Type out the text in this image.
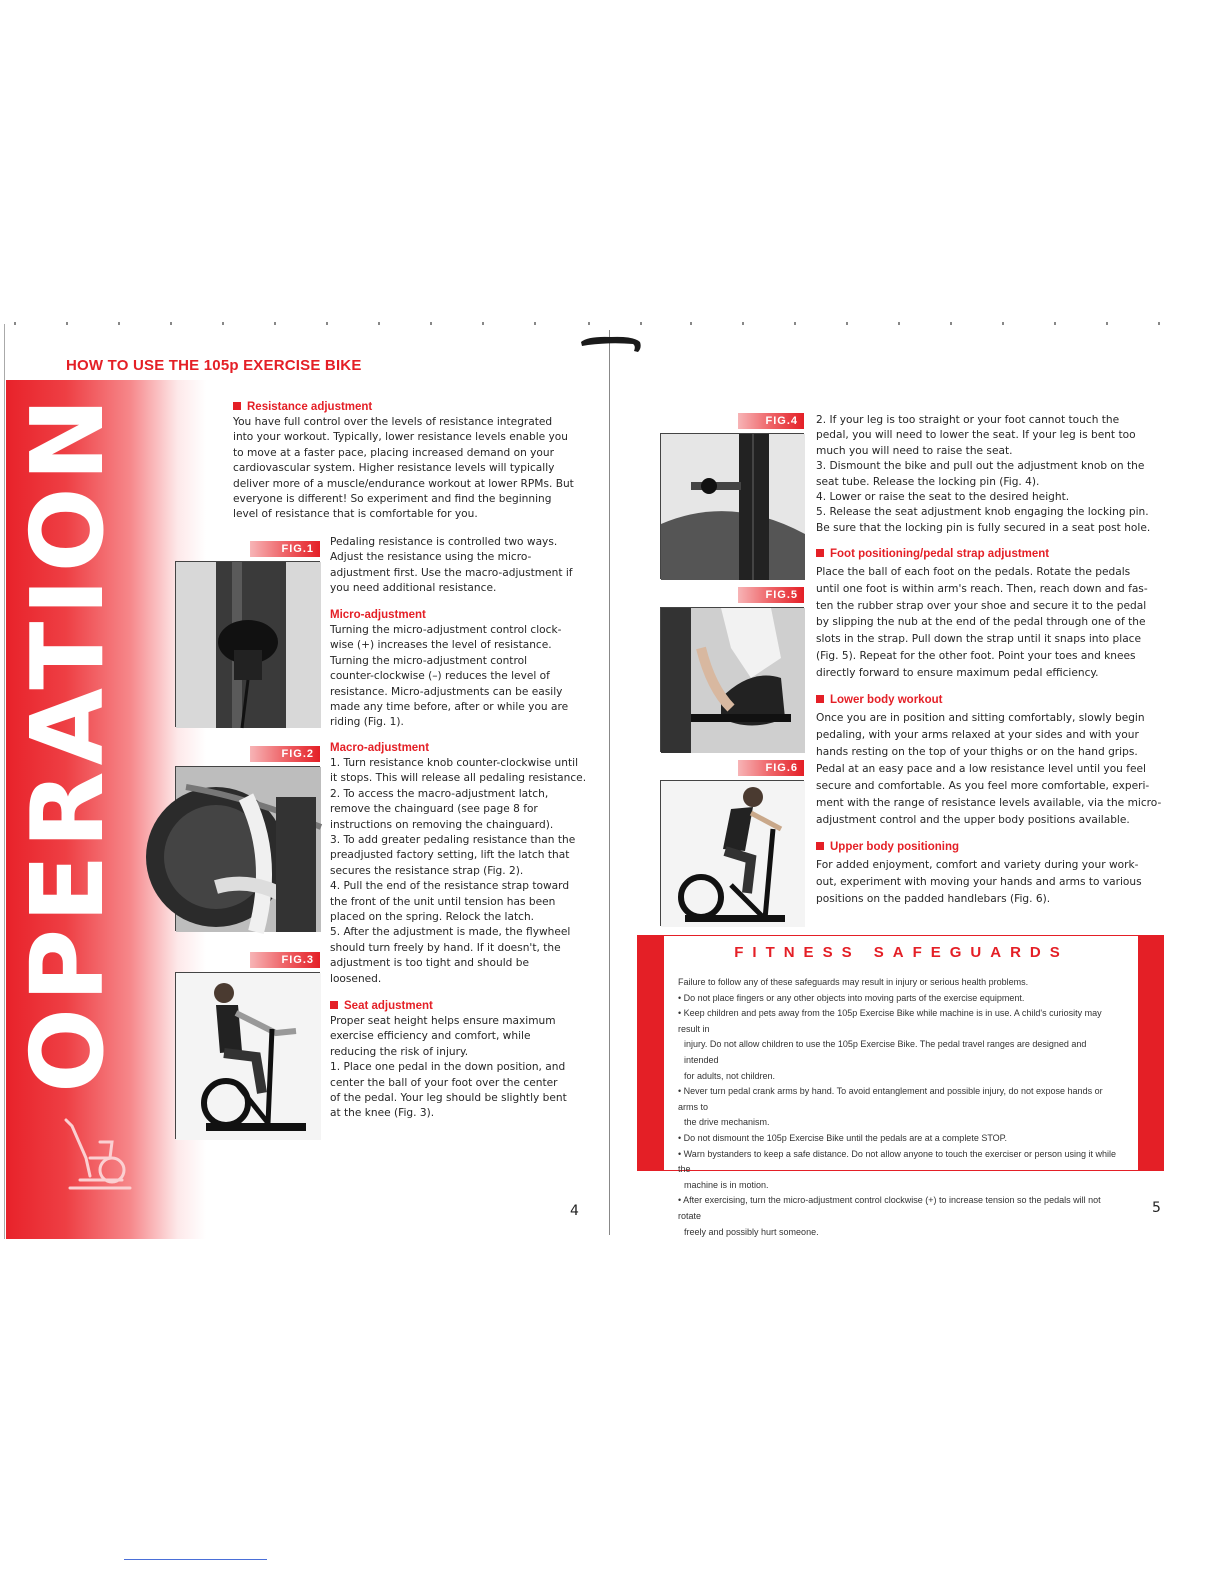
HOW TO USE THE 105p EXERCISE BIKE
OPERATION	Resistance adjustment

You have full control over the levels of resistance integrated

into your workout. Typically, lower resistance levels enable you

to move at a faster pace, placing increased demand on your

cardiovascular system. Higher resistance levels will typically

deliver more of a muscle/endurance workout at lower RPMs. But

everyone is different! So experiment and find the beginning

level of resistance that is comfortable for you.

FIG.1

Pedaling resistance is controlled two ways.

Adjust the resistance using the micro-

adjustment first. Use the macro-adjustment if

you need additional resistance.

Micro-adjustment

Turning the micro-adjustment control clock-

wise (+) increases the level of resistance.

Turning the micro-adjustment control

counter-clockwise (–) reduces the level of

resistance. Micro-adjustments can be easily

made any time before, after or while you are

riding (Fig. 1).

FIG.2	Macro-adjustment

1. Turn resistance knob counter-clockwise until

it stops. This will release all pedaling resistance.

2. To access the macro-adjustment latch,

remove the chainguard (see page 8 for

instructions on removing the chainguard).

3. To add greater pedaling resistance than the

preadjusted factory setting, lift the latch that

secures the resistance strap (Fig. 2).

4. Pull the end of the resistance strap toward

the front of the unit until tension has been

placed on the spring. Relock the latch.

5. After the adjustment is made, the flywheel

should turn freely by hand. If it doesn't, the

adjustment is too tight and should be

loosened.

FIG.3
Seat adjustment

Proper seat height helps ensure maximum

exercise efficiency and comfort, while

reducing the risk of injury.

1. Place one pedal in the down position, and

center the ball of your foot over the center

of the pedal. Your leg should be slightly bent

at the knee (Fig. 3).

4
FIG.4	2. If your leg is too straight or your foot cannot touch the

pedal, you will need to lower the seat. If your leg is bent too

much you will need to raise the seat.

3. Dismount the bike and pull out the adjustment knob on the

seat tube. Release the locking pin (Fig. 4).

4. Lower or raise the seat to the desired height.

5. Release the seat adjustment knob engaging the locking pin.

Be sure that the locking pin is fully secured in a seat post hole.

Foot positioning/pedal strap adjustment

Place the ball of each foot on the pedals. Rotate the pedals

until one foot is within arm's reach. Then, reach down and fas-

ten the rubber strap over your shoe and secure it to the pedal

by slipping the nub at the end of the pedal through one of the

slots in the strap. Pull down the strap until it snaps into place

(Fig. 5). Repeat for the other foot. Point your toes and knees

directly forward to ensure maximum pedal efficiency.

FIG.5
Lower body workout

Once you are in position and sitting comfortably, slowly begin

pedaling, with your arms relaxed at your sides and with your

hands resting on the top of your thighs or on the hand grips.

Pedal at an easy pace and a low resistance level until you feel

secure and comfortable. As you feel more comfortable, experi-

ment with the range of resistance levels available, via the micro-

adjustment control and the upper body positions available.

FIG.6
Upper body positioning

For added enjoyment, comfort and variety during your work-

out, experiment with moving your hands and arms to various

positions on the padded handlebars (Fig. 6).

FITNESS SAFEGUARDS
Failure to follow any of these safeguards may result in injury or serious health problems.
• Do not place fingers or any other objects into moving parts of the exercise equipment.
• Keep children and pets away from the 105p Exercise Bike while machine is in use. A child's curiosity may result in
injury. Do not allow children to use the 105p Exercise Bike. The pedal travel ranges are designed and intended
for adults, not children.
• Never turn pedal crank arms by hand. To avoid entanglement and possible injury, do not expose hands or arms to
the drive mechanism.
• Do not dismount the 105p Exercise Bike until the pedals are at a complete STOP.
• Warn bystanders to keep a safe distance. Do not allow anyone to touch the exerciser or person using it while the
machine is in motion.
• After exercising, turn the micro-adjustment control clockwise (+) to increase tension so the pedals will not rotate
freely and possibly hurt someone.
5
